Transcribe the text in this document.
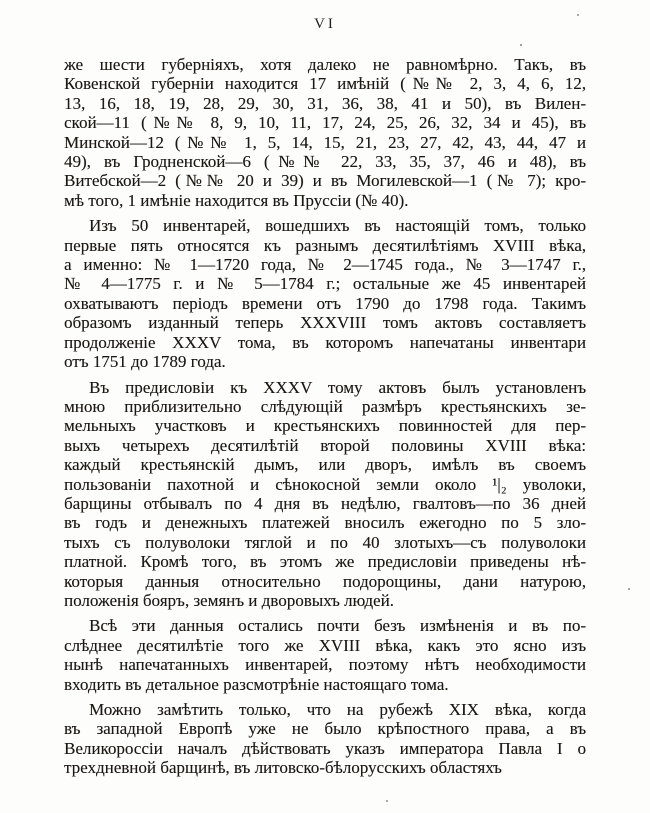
VI
же шести губерніяхъ, хотя далеко не равномѣрно. Такъ, въ
Ковенской губерніи находится 17 имѣній (№№ 2, 3, 4, 6, 12,
13, 16, 18, 19, 28, 29, 30, 31, 36, 38, 41 и 50), въ Вилен-
ской—11 (№№ 8, 9, 10, 11, 17, 24, 25, 26, 32, 34 и 45), въ
Минской—12 (№№ 1, 5, 14, 15, 21, 23, 27, 42, 43, 44, 47 и
49), въ Гродненской—6 (№№ 22, 33, 35, 37, 46 и 48), въ
Витебской—2 (№№ 20 и 39) и въ Могилевской—1 (№ 7); кро-
мѣ того, 1 имѣніе находится въ Пруссіи (№ 40).
Изъ 50 инвентарей, вошедшихъ въ настоящій томъ, только
первые пять относятся къ разнымъ десятилѣтіямъ XVIII вѣка,
а именно: № 1—1720 года, № 2—1745 года., № 3—1747 г.,
№ 4—1775 г. и № 5—1784 г.; остальные же 45 инвентарей
охватываютъ періодъ времени отъ 1790 до 1798 года. Такимъ
образомъ изданный теперь XXXVIII томъ актовъ составляетъ
продолженіе XXXV тома, въ которомъ напечатаны инвентари
отъ 1751 до 1789 года.
Въ предисловіи къ XXXV тому актовъ былъ установленъ
мною приблизительно слѣдующій размѣръ крестьянскихъ зе-
мельныхъ участковъ и крестьянскихъ повинностей для пер-
выхъ четырехъ десятилѣтій второй половины XVIII вѣка:
каждый крестьянскій дымъ, или дворъ, имѣлъ въ своемъ
пользованіи пахотной и сѣнокосной земли около ¹|₂ уволоки,
барщины отбывалъ по 4 дня въ недѣлю, гвалтовъ—по 36 дней
въ годъ и денежныхъ платежей вносилъ ежегодно по 5 зло-
тыхъ съ полуволоки тяглой и по 40 злотыхъ—съ полуволоки
платной. Кромѣ того, въ этомъ же предисловіи приведены нѣ-
которыя данныя относительно подорощины, дани натурою,
положенія бояръ, земянъ и дворовыхъ людей.
Всѣ эти данныя остались почти безъ измѣненія и въ по-
слѣднее десятилѣтіе того же XVIII вѣка, какъ это ясно изъ
нынѣ напечатанныхъ инвентарей, поэтому нѣтъ необходимости
входить въ детальное разсмотрѣніе настоящаго тома.
Можно замѣтить только, что на рубежѣ XIX вѣка, когда
въ западной Европѣ уже не было крѣпостного права, а въ
Великороссіи началъ дѣйствовать указъ императора Павла I о
трехдневной барщинѣ, въ литовско-бѣлорусскихъ областяхъ
